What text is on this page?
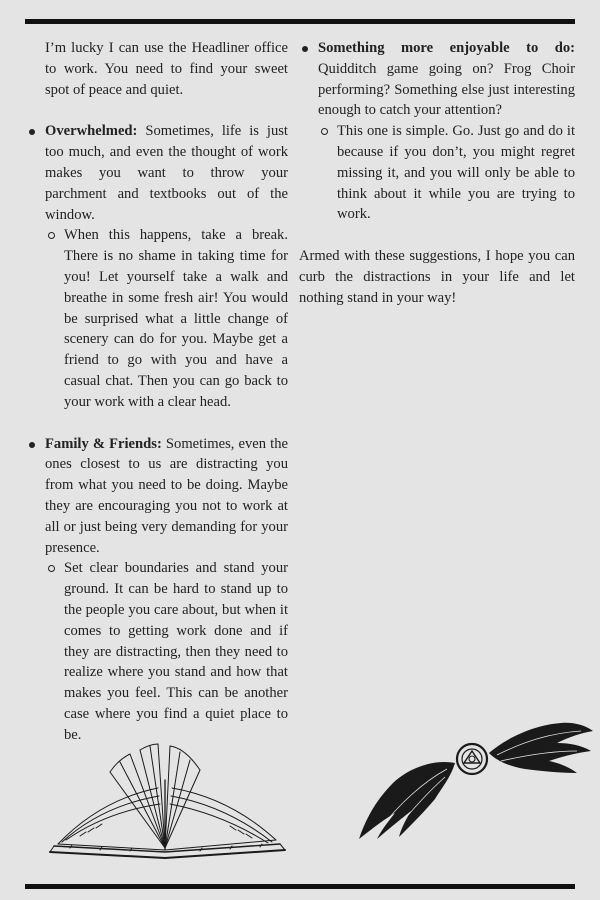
I’m lucky I can use the Headliner office to work. You need to find your sweet spot of peace and quiet.

Overwhelmed: Sometimes, life is just too much, and even the thought of work makes you want to throw your parchment and textbooks out of the window.
When this happens, take a break. There is no shame in taking time for you! Let yourself take a walk and breathe in some fresh air! You would be surprised what a little change of scenery can do for you. Maybe get a friend to go with you and have a casual chat. Then you can go back to your work with a clear head.
Family & Friends: Sometimes, even the ones closest to us are distracting you from what you need to be doing. Maybe they are encouraging you not to work at all or just being very demanding for your presence.
Set clear boundaries and stand your ground. It can be hard to stand up to the people you care about, but when it comes to getting work done and if they are distracting, then they need to realize where you stand and how that makes you feel. This can be another case where you find a quiet place to be.
Something more enjoyable to do: Quidditch game going on? Frog Choir performing? Something else just interesting enough to catch your attention?
This one is simple. Go. Just go and do it because if you don’t, you might regret missing it, and you will only be able to think about it while you are trying to work.

Armed with these suggestions, I hope you can curb the distractions in your life and let nothing stand in your way!
